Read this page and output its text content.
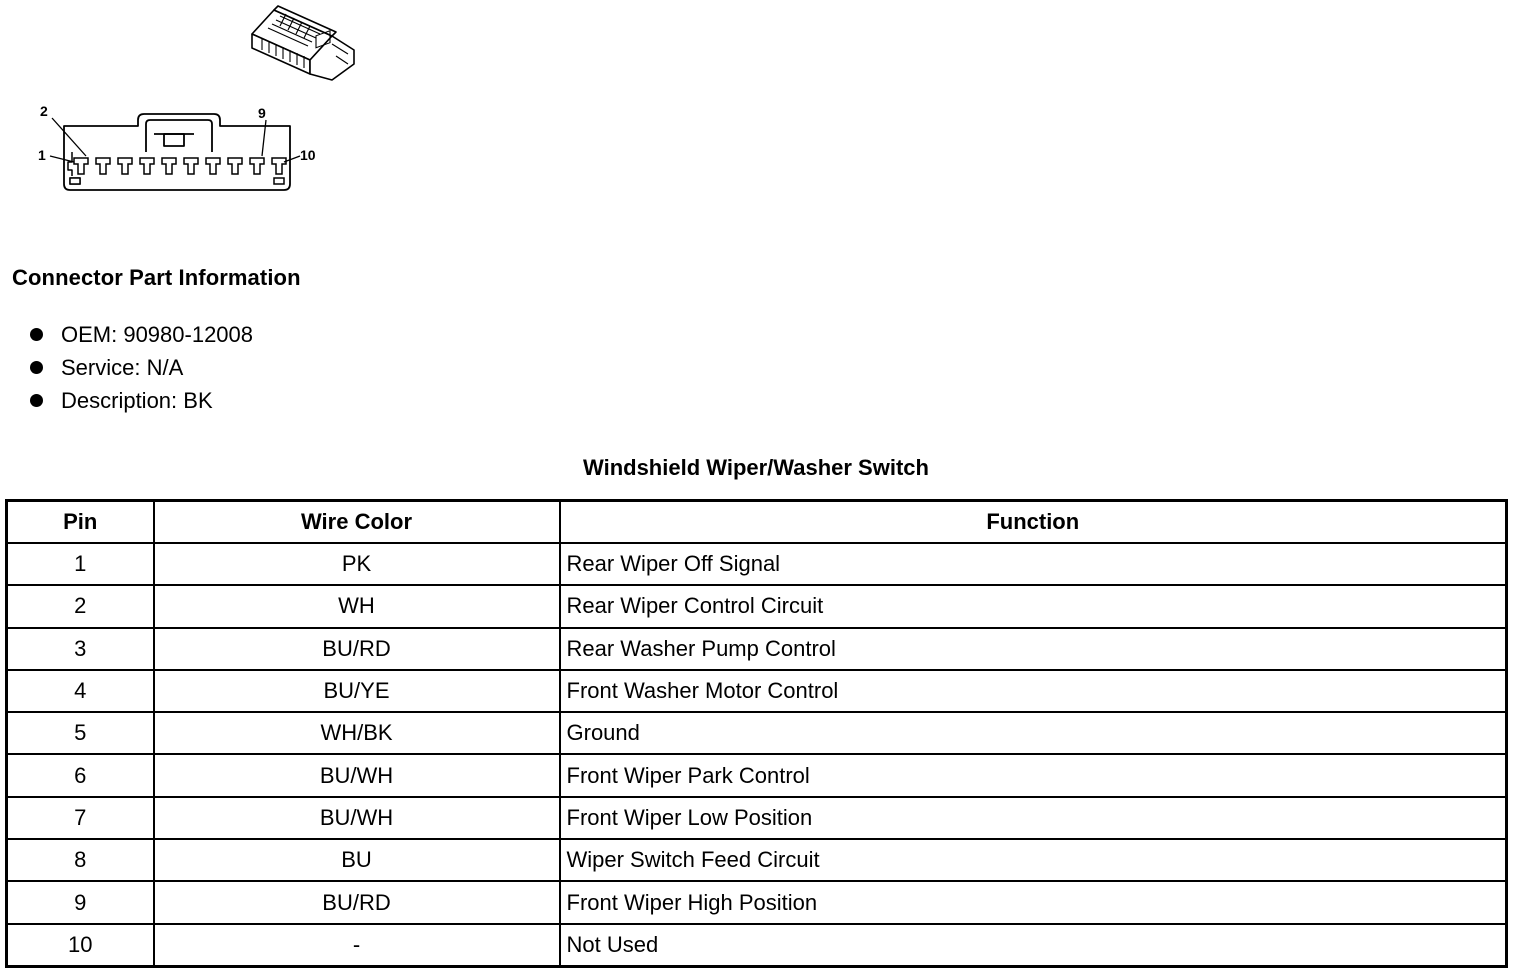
2	9
1	10
Connector Part Information
OEM: 90980-12008
Service: N/A
Description: BK
Windshield Wiper/Washer Switch
Pin	Wire Color	Function
1	PK	Rear Wiper Off Signal
2	WH	Rear Wiper Control Circuit
3	BU/RD	Rear Washer Pump Control
4	BU/YE	Front Washer Motor Control
5	WH/BK	Ground
6	BU/WH	Front Wiper Park Control
7	BU/WH	Front Wiper Low Position
8	BU	Wiper Switch Feed Circuit
9	BU/RD	Front Wiper High Position
10	-	Not Used
